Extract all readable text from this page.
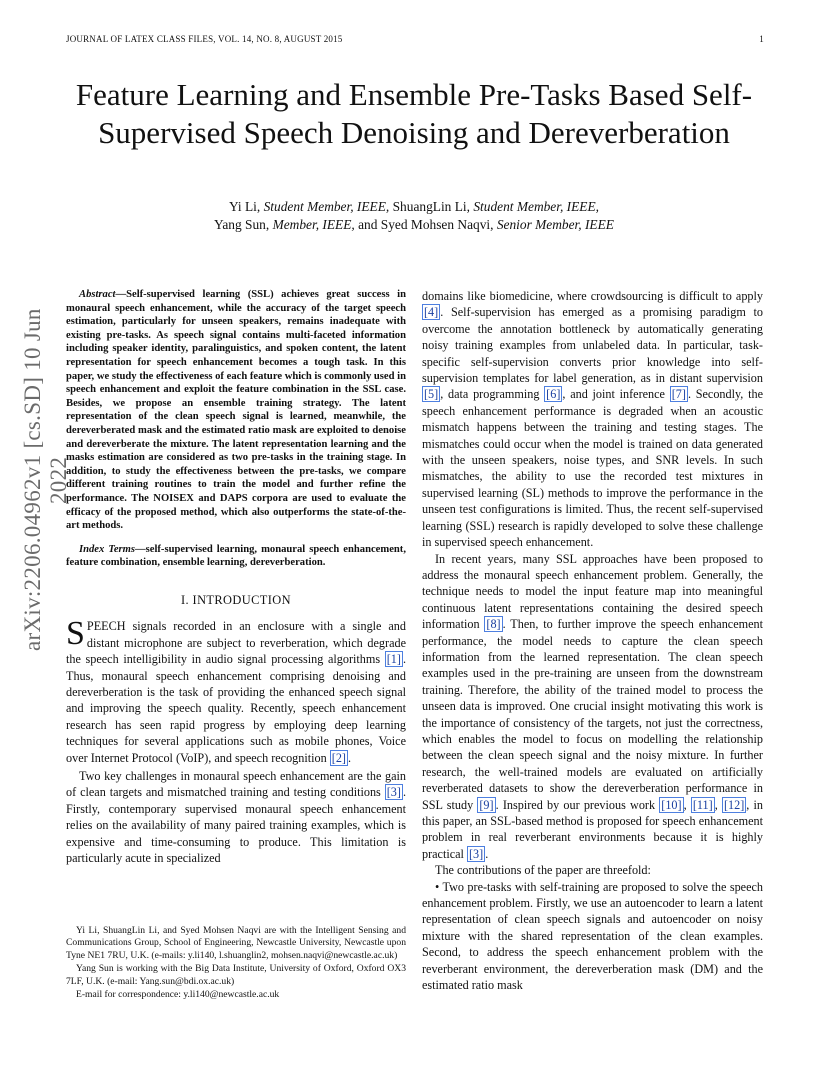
JOURNAL OF LATEX CLASS FILES, VOL. 14, NO. 8, AUGUST 2015	1
Feature Learning and Ensemble Pre-Tasks Based Self-Supervised Speech Denoising and Dereverberation
Yi Li, Student Member, IEEE, ShuangLin Li, Student Member, IEEE,
Yang Sun, Member, IEEE, and Syed Mohsen Naqvi, Senior Member, IEEE
arXiv:2206.04962v1 [cs.SD] 10 Jun 2022

Abstract—Self-supervised learning (SSL) achieves great success in monaural speech enhancement, while the accuracy of the target speech estimation, particularly for unseen speakers, remains inadequate with existing pre-tasks. As speech signal contains multi-faceted information including speaker identity, paralinguistics, and spoken content, the latent representation for speech enhancement becomes a tough task. In this paper, we study the effectiveness of each feature which is commonly used in speech enhancement and exploit the feature combination in the SSL case. Besides, we propose an ensemble training strategy. The latent representation of the clean speech signal is learned, meanwhile, the dereverberated mask and the estimated ratio mask are exploited to denoise and dereverberate the mixture. The latent representation learning and the masks estimation are considered as two pre-tasks in the training stage. In addition, to study the effectiveness between the pre-tasks, we compare different training routines to train the model and further refine the performance. The NOISEX and DAPS corpora are used to evaluate the efficacy of the proposed method, which also outperforms the state-of-the-art methods.

Index Terms—self-supervised learning, monaural speech enhancement, feature combination, ensemble learning, dereverberation.

I. INTRODUCTION

SPEECH signals recorded in an enclosure with a single and distant microphone are subject to reverberation, which degrade the speech intelligibility in audio signal processing algorithms [1] . Thus, monaural speech enhancement comprising denoising and dereverberation is the task of providing the enhanced speech signal and improving the speech quality. Recently, speech enhancement research has seen rapid progress by employing deep learning techniques for several applications such as mobile phones, Voice over Internet Protocol (VoIP), and speech recognition [2] .

Two key challenges in monaural speech enhancement are the gain of clean targets and mismatched training and testing conditions [3] . Firstly, contemporary supervised monaural speech enhancement relies on the availability of many paired training examples, which is expensive and time-consuming to produce. This limitation is particularly acute in specialized

Yi Li, ShuangLin Li, and Syed Mohsen Naqvi are with the Intelligent Sensing and Communications Group, School of Engineering, Newcastle University, Newcastle upon Tyne NE1 7RU, U.K. (e-mails: y.li140, l.shuanglin2, mohsen.naqvi@newcastle.ac.uk)

Yang Sun is working with the Big Data Institute, University of Oxford, Oxford OX3 7LF, U.K. (e-mail: Yang.sun@bdi.ox.ac.uk)

E-mail for correspondence: y.li140@newcastle.ac.uk

domains like biomedicine, where crowdsourcing is difficult to apply [4] . Self-supervision has emerged as a promising paradigm to overcome the annotation bottleneck by automatically generating noisy training examples from unlabeled data. In particular, task-specific self-supervision converts prior knowledge into self-supervision templates for label generation, as in distant supervision [5] , data programming [6] , and joint inference [7] . Secondly, the speech enhancement performance is degraded when an acoustic mismatch happens between the training and testing stages. The mismatches could occur when the model is trained on data generated with the unseen speakers, noise types, and SNR levels. In such mismatches, the ability to use the recorded test mixtures in supervised learning (SL) methods to improve the performance in the unseen test configurations is limited. Thus, the recent self-supervised learning (SSL) research is rapidly developed to solve these challenge in supervised speech enhancement.

In recent years, many SSL approaches have been proposed to address the monaural speech enhancement problem. Generally, the technique needs to model the input feature map into meaningful continuous latent representations containing the desired speech information [8] . Then, to further improve the speech enhancement performance, the model needs to capture the clean speech information from the learned representation. The clean speech examples used in the pre-training are unseen from the downstream training. Therefore, the ability of the trained model to process the unseen data is improved. One crucial insight motivating this work is the importance of consistency of the targets, not just the correctness, which enables the model to focus on modelling the relationship between the clean speech signal and the noisy mixture. In further research, the well-trained models are evaluated on artificially reverberated datasets to show the dereverberation performance in SSL study [9] . Inspired by our previous work [10] , [11] , [12] , in this paper, an SSL-based method is proposed for speech enhancement problem in real reverberant environments because it is highly practical [3] .

The contributions of the paper are threefold:

• Two pre-tasks with self-training are proposed to solve the speech enhancement problem. Firstly, we use an autoencoder to learn a latent representation of clean speech signals and autoencoder on noisy mixture with the shared representation of the clean examples. Second, to address the speech enhancement problem with the reverberant environment, the dereverberation mask (DM) and the estimated ratio mask
